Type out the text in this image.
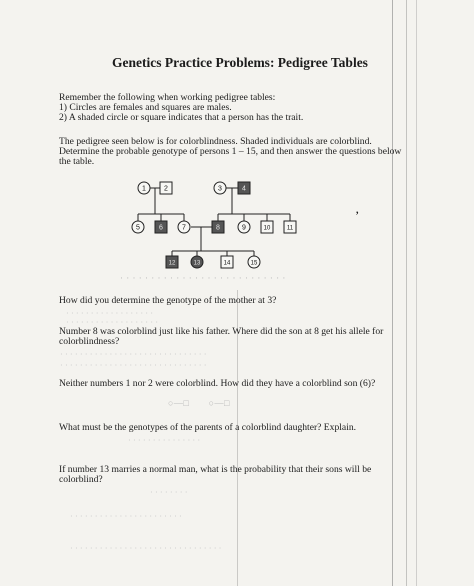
Genetics Practice Problems: Pedigree Tables
Remember the following when working pedigree tables:
1) Circles are females and squares are males.
2) A shaded circle or square indicates that a person has the trait.
The pedigree seen below is for colorblindness. Shaded individuals are colorblind.
Determine the probable genotype of persons 1 – 15, and then answer the questions below
the table.
1	2	3	4
5	6	7	8	9	10	11
12	13	14	15
· · · · · · · · · · · · · · · · · · · · · · · · · · ·
How did you determine the genotype of the mother at 3?
· · · · · · · · · · · · · · · · · ·
· · · · · · · · · · · · · · · · · · ·
Number 8 was colorblind just like his father. Where did the son at 8 get his allele for
colorblindness?
· · · · · · · · · · · · · · · · · · · · · · · · · · · · · ·
· · · · · · · · · · · · · · · · · · · · · · · · · · · · · ·
Neither numbers 1 nor 2 were colorblind. How did they have a colorblind son (6)?
○—□       ○—□
What must be the genotypes of the parents of a colorblind daughter? Explain.
· · · · · · · · · · · · · · ·
If number 13 marries a normal man, what is the probability that their sons will be
colorblind?
· · · · · · · ·
· · · · · · · · · · · · · · · · · · · · · · ·
· · · · · · · · · · · · · · · · · · · · · · · · · · · · · · ·
,
